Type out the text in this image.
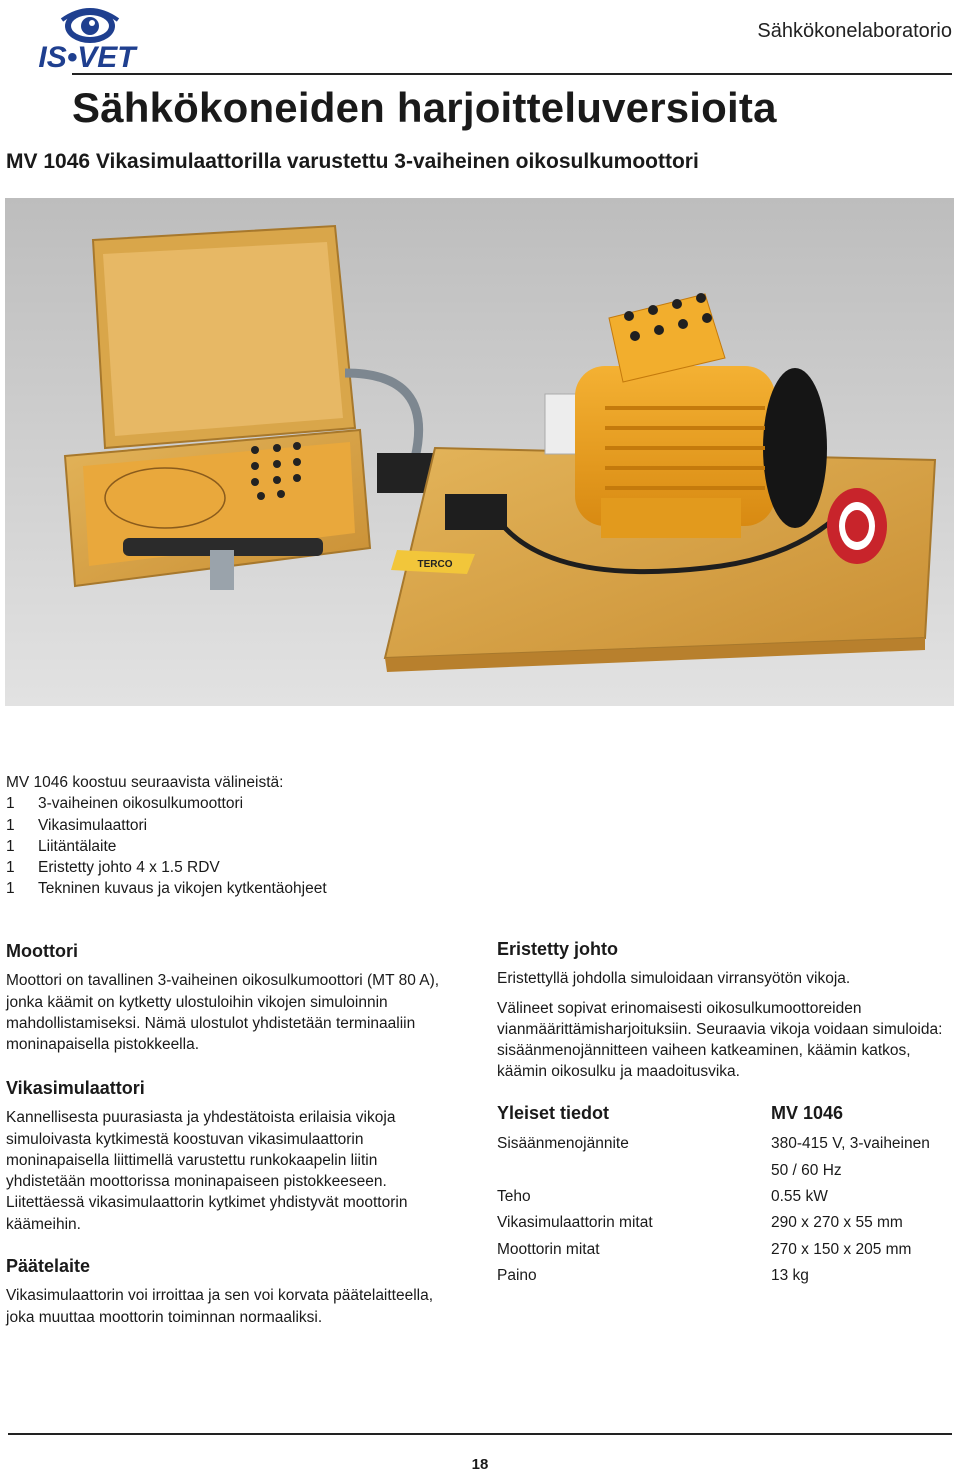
IS•VET
Sähkökonelaboratorio
Sähkökoneiden harjoitteluversioita
MV 1046 Vikasimulaattorilla varustettu 3-vaiheinen oikosulkumoottori
TERCO
MV 1046 koostuu seuraavista välineistä:
1	3-vaiheinen oikosulkumoottori
1	Vikasimulaattori
1	Liitäntälaite
1	Eristetty johto 4 x 1.5 RDV
1	Tekninen kuvaus ja vikojen kytkentäohjeet
Moottori

Moottori on tavallinen 3-vaiheinen oikosulkumoottori (MT 80 A), jonka käämit on kytketty ulostuloihin vikojen simuloinnin mahdollistamiseksi. Nämä ulostulot yhdistetään terminaaliin moninapaisella pistokkeella.

Vikasimulaattori

Kannellisesta puurasiasta ja yhdestätoista erilaisia vikoja simuloivasta kytkimestä koostuvan vikasimulaattorin moninapaisella liittimellä varustettu runkokaapelin liitin yhdistetään moottorissa moninapaiseen pistokkeeseen. Liitettäessä vikasimulaattorin kytkimet yhdistyvät moottorin käämeihin.

Päätelaite

Vikasimulaattorin voi irroittaa ja sen voi korvata päätelaitteella, joka muuttaa moottorin toiminnan normaaliksi.

Eristetty johto

Eristettyllä johdolla simuloidaan virransyötön vikoja.

Välineet sopivat erinomaisesti oikosulkumoottoreiden vianmäärittämisharjoituksiin. Seuraavia vikoja voidaan simuloida: sisäänmenojännitteen vaiheen katkeaminen, käämin katkos, käämin oikosulku ja maadoitusvika.

Yleiset tiedot	MV 1046
Sisäänmenojännite	380-415 V, 3-vaiheinen
50 / 60 Hz
Teho	0.55 kW
Vikasimulaattorin mitat	290 x 270 x 55 mm
Moottorin mitat	270 x 150 x 205 mm
Paino	13 kg
18
